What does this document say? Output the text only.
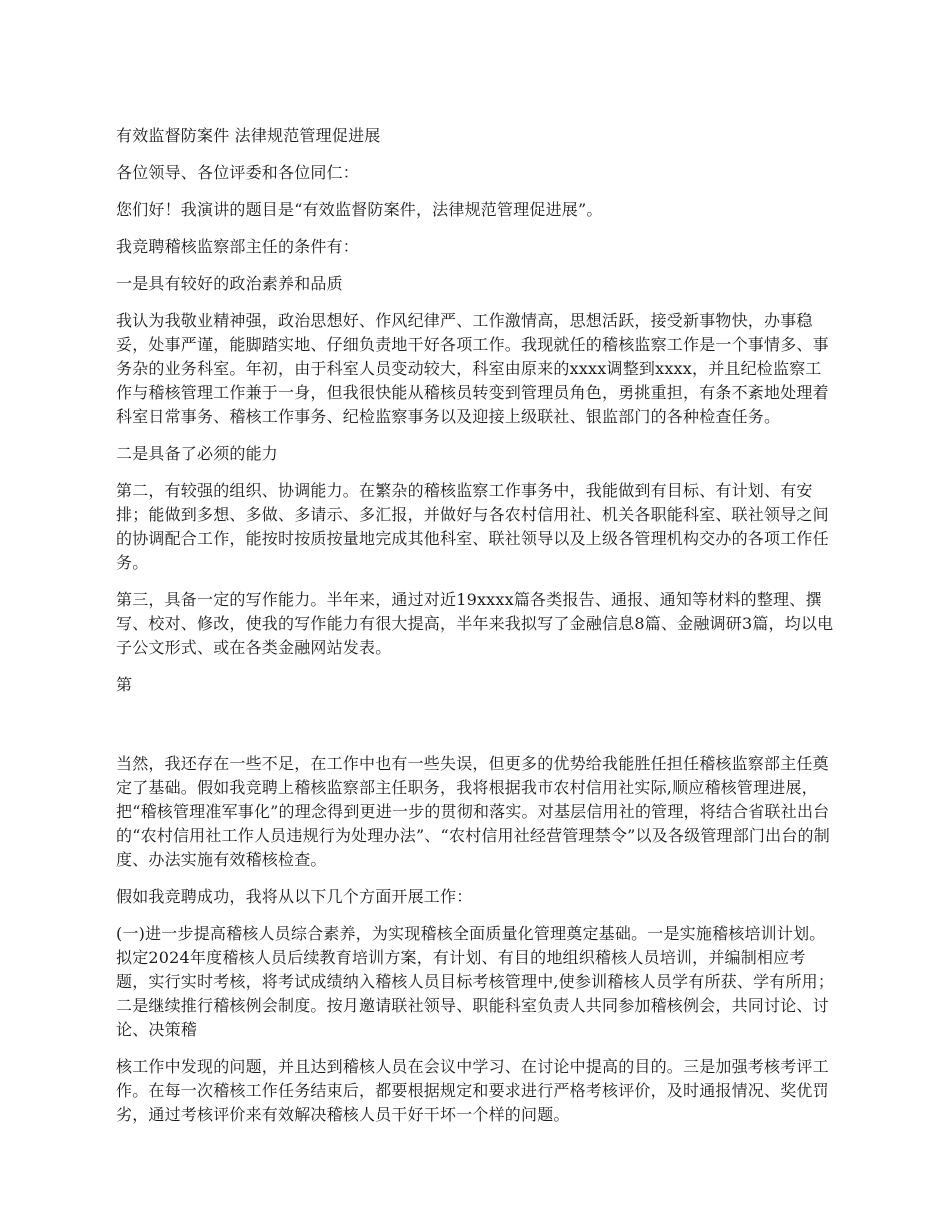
有效监督防案件 法律规范管理促进展

各位领导、各位评委和各位同仁：

您们好！我演讲的题目是“有效监督防案件，法律规范管理促进展”。

我竞聘稽核监察部主任的条件有：

一是具有较好的政治素养和品质

我认为我敬业精神强，政治思想好、作风纪律严、工作激情高，思想活跃，接受新事物快，办事稳妥，处事严谨，能脚踏实地、仔细负责地干好各项工作。我现就任的稽核监察工作是一个事情多、事务杂的业务科室。年初，由于科室人员变动较大，科室由原来的xxxx调整到xxxx，并且纪检监察工作与稽核管理工作兼于一身，但我很快能从稽核员转变到管理员角色，勇挑重担，有条不紊地处理着科室日常事务、稽核工作事务、纪检监察事务以及迎接上级联社、银监部门的各种检查任务。

二是具备了必须的能力

第二，有较强的组织、协调能力。在繁杂的稽核监察工作事务中，我能做到有目标、有计划、有安排；能做到多想、多做、多请示、多汇报，并做好与各农村信用社、机关各职能科室、联社领导之间的协调配合工作，能按时按质按量地完成其他科室、联社领导以及上级各管理机构交办的各项工作任务。

第三，具备一定的写作能力。半年来，通过对近19xxxx篇各类报告、通报、通知等材料的整理、撰写、校对、修改，使我的写作能力有很大提高，半年来我拟写了金融信息8篇、金融调研3篇，均以电子公文形式、或在各类金融网站发表。

第

当然，我还存在一些不足，在工作中也有一些失误，但更多的优势给我能胜任担任稽核监察部主任奠定了基础。假如我竞聘上稽核监察部主任职务，我将根据我市农村信用社实际,顺应稽核管理进展，把“稽核管理准军事化”的理念得到更进一步的贯彻和落实。对基层信用社的管理，将结合省联社出台的“农村信用社工作人员违规行为处理办法”、“农村信用社经营管理禁令”以及各级管理部门出台的制度、办法实施有效稽核检查。

假如我竞聘成功，我将从以下几个方面开展工作：

(一)进一步提高稽核人员综合素养，为实现稽核全面质量化管理奠定基础。一是实施稽核培训计划。拟定2024年度稽核人员后续教育培训方案，有计划、有目的地组织稽核人员培训，并编制相应考题，实行实时考核，将考试成绩纳入稽核人员目标考核管理中,使参训稽核人员学有所获、学有所用；二是继续推行稽核例会制度。按月邀请联社领导、职能科室负责人共同参加稽核例会，共同讨论、讨论、决策稽

核工作中发现的问题，并且达到稽核人员在会议中学习、在讨论中提高的目的。三是加强考核考评工作。在每一次稽核工作任务结束后，都要根据规定和要求进行严格考核评价，及时通报情况、奖优罚劣，通过考核评价来有效解决稽核人员干好干坏一个样的问题。
